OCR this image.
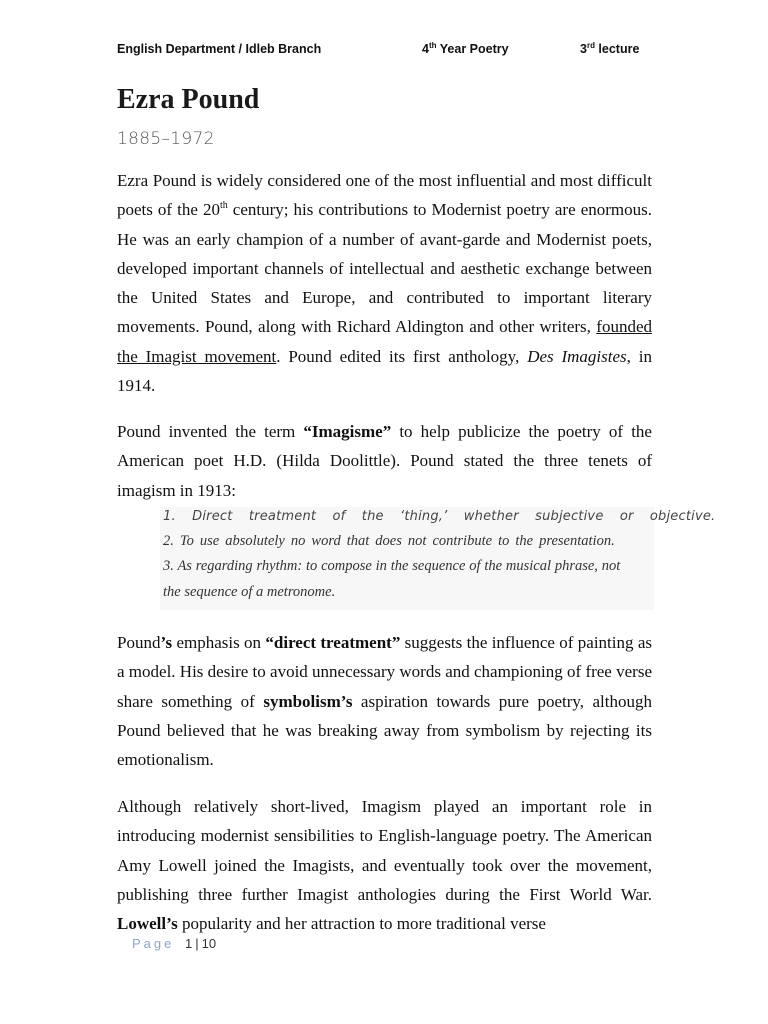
English Department / Idleb Branch	4th Year Poetry	3rd lecture
Ezra Pound
1885–1972

Ezra Pound is widely considered one of the most influential and most difficult poets of the 20th century; his contributions to Modernist poetry are enormous. He was an early champion of a number of avant-garde and Modernist poets, developed important channels of intellectual and aesthetic exchange between the United States and Europe, and contributed to important literary movements. Pound, along with Richard Aldington and other writers, founded the Imagist movement. Pound edited its first anthology, Des Imagistes, in 1914.

Pound invented the term “Imagisme” to help publicize the poetry of the American poet H.D. (Hilda Doolittle). Pound stated the three tenets of imagism in 1913:

1. Direct treatment of the ‘thing,’ whether subjective or objective.
2. To use absolutely no word that does not contribute to the presentation.
3. As regarding rhythm: to compose in the sequence of the musical phrase, not
the sequence of a metronome.

Pound’s emphasis on “direct treatment” suggests the influence of painting as a model. His desire to avoid unnecessary words and championing of free verse share something of symbolism’s aspiration towards pure poetry, although Pound believed that he was breaking away from symbolism by rejecting its emotionalism.

Although relatively short-lived, Imagism played an important role in introducing modernist sensibilities to English-language poetry. The American Amy Lowell joined the Imagists, and eventually took over the movement, publishing three further Imagist anthologies during the First World War. Lowell’s popularity and her attraction to more traditional verse

Page 1 | 10
